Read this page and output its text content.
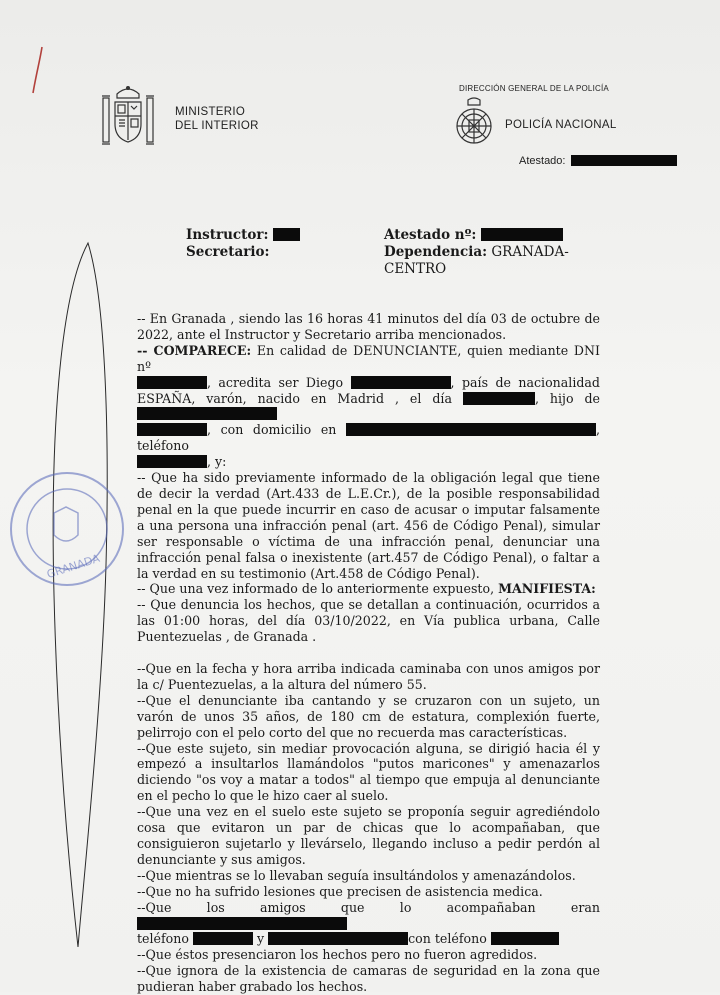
MINISTERIO
DEL INTERIOR
DIRECCIÓN GENERAL DE LA POLICÍA
POLICÍA NACIONAL
Atestado:
Instructor:
Secretario:
Atestado nº:
Dependencia: GRANADA-
CENTRO

-- En Granada , siendo las 16 horas 41 minutos del día 03 de octubre de 2022, ante el Instructor y Secretario arriba mencionados.

-- COMPARECE: En calidad de DENUNCIANTE, quien mediante DNI nº
, acredita ser Diego	, país de nacionalidad ESPAÑA, varón, nacido en Madrid , el día	, hijo de
, con domicilio en	, teléfono
, y:

-- Que ha sido previamente informado de la obligación legal que tiene de decir la verdad (Art.433 de L.E.Cr.), de la posible responsabilidad penal en la que puede incurrir en caso de acusar o imputar falsamente a una persona una infracción penal (art. 456 de Código Penal), simular ser responsable o víctima de una infracción penal, denunciar una infracción penal falsa o inexistente (art.457 de Código Penal), o faltar a la verdad en su testimonio (Art.458 de Código Penal).

-- Que una vez informado de lo anteriormente expuesto, MANIFIESTA:

-- Que denuncia los hechos, que se detallan a continuación, ocurridos a las 01:00 horas, del día 03/10/2022, en Vía publica urbana, Calle Puentezuelas , de Granada .

--Que en la fecha y hora arriba indicada caminaba con unos amigos por la c/ Puentezuelas, a la altura del número 55.

--Que el denunciante iba cantando y se cruzaron con un sujeto, un varón de unos 35 años, de 180 cm de estatura, complexión fuerte, pelirrojo con el pelo corto del que no recuerda mas características.

--Que este sujeto, sin mediar provocación alguna, se dirigió hacia él y empezó a insultarlos llamándolos "putos maricones" y amenazarlos diciendo "os voy a matar a todos" al tiempo que empuja al denunciante en el pecho lo que le hizo caer al suelo.

--Que una vez en el suelo este sujeto se proponía seguir agrediéndolo cosa que evitaron un par de chicas que lo acompañaban, que consiguieron sujetarlo y llevárselo, llegando incluso a pedir perdón al denunciante y sus amigos.

--Que mientras se lo llevaban seguía insultándolos y amenazándolos.

--Que no ha sufrido lesiones que precisen de asistencia medica.

--Que los amigos que lo acompañaban eran
teléfono	y	con teléfono

--Que éstos presenciaron los hechos pero no fueron agredidos.

--Que ignora de la existencia de camaras de seguridad en la zona que pudieran haber grabado los hechos.

GRANADA
